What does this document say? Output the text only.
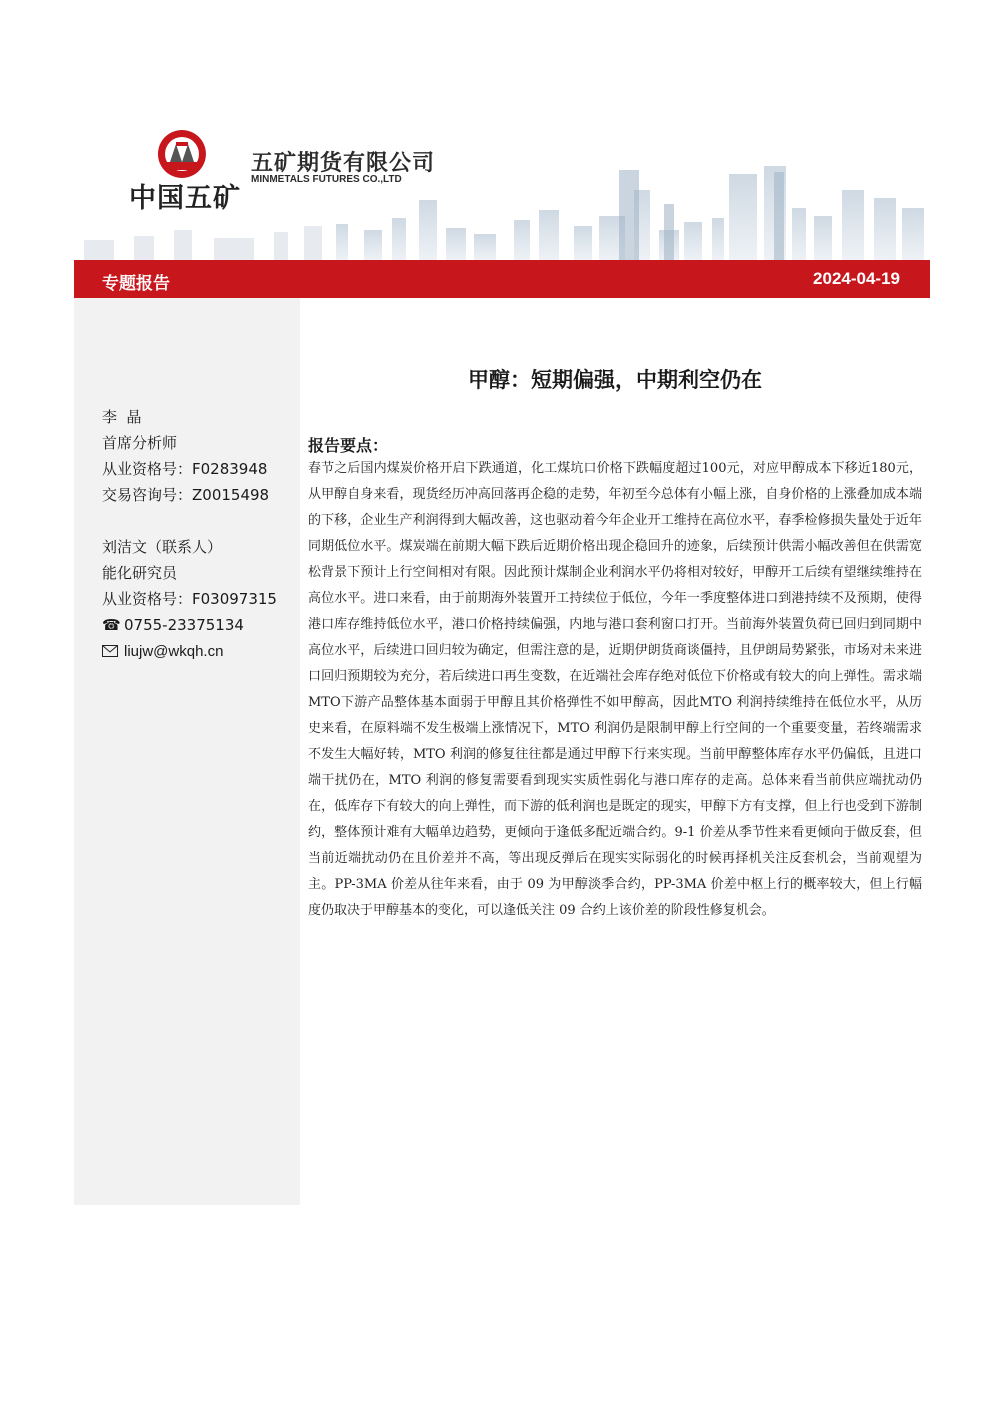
中国五矿
五矿期货有限公司
MINMETALS FUTURES CO.,LTD
专题报告	2024-04-19
李  晶
首席分析师
从业资格号：F0283948
交易咨询号：Z0015498
刘洁文（联系人）
能化研究员
从业资格号：F03097315
☎ 0755-23375134
liujw@wkqh.cn
甲醇：短期偏强，中期利空仍在
报告要点：

春节之后国内煤炭价格开启下跌通道，化工煤坑口价格下跌幅度超过100元，对应甲醇成本下移近180元，从甲醇自身来看，现货经历冲高回落再企稳的走势，年初至今总体有小幅上涨，自身价格的上涨叠加成本端的下移，企业生产利润得到大幅改善，这也驱动着今年企业开工维持在高位水平，春季检修损失量处于近年同期低位水平。煤炭端在前期大幅下跌后近期价格出现企稳回升的迹象，后续预计供需小幅改善但在供需宽松背景下预计上行空间相对有限。因此预计煤制企业利润水平仍将相对较好，甲醇开工后续有望继续维持在高位水平。进口来看，由于前期海外装置开工持续位于低位，今年一季度整体进口到港持续不及预期，使得港口库存维持低位水平，港口价格持续偏强，内地与港口套利窗口打开。当前海外装置负荷已回归到同期中高位水平，后续进口回归较为确定，但需注意的是，近期伊朗货商谈僵持，且伊朗局势紧张，市场对未来进口回归预期较为充分，若后续进口再生变数，在近端社会库存绝对低位下价格或有较大的向上弹性。需求端MTO下游产品整体基本面弱于甲醇且其价格弹性不如甲醇高，因此MTO 利润持续维持在低位水平，从历史来看，在原料端不发生极端上涨情况下，MTO 利润仍是限制甲醇上行空间的一个重要变量，若终端需求不发生大幅好转，MTO 利润的修复往往都是通过甲醇下行来实现。当前甲醇整体库存水平仍偏低，且进口端干扰仍在，MTO 利润的修复需要看到现实实质性弱化与港口库存的走高。总体来看当前供应端扰动仍在，低库存下有较大的向上弹性，而下游的低利润也是既定的现实，甲醇下方有支撑，但上行也受到下游制约，整体预计难有大幅单边趋势，更倾向于逢低多配近端合约。9-1 价差从季节性来看更倾向于做反套，但当前近端扰动仍在且价差并不高，等出现反弹后在现实实际弱化的时候再择机关注反套机会，当前观望为主。PP-3MA 价差从往年来看，由于 09 为甲醇淡季合约，PP-3MA 价差中枢上行的概率较大，但上行幅度仍取决于甲醇基本的变化，可以逢低关注 09 合约上该价差的阶段性修复机会。
